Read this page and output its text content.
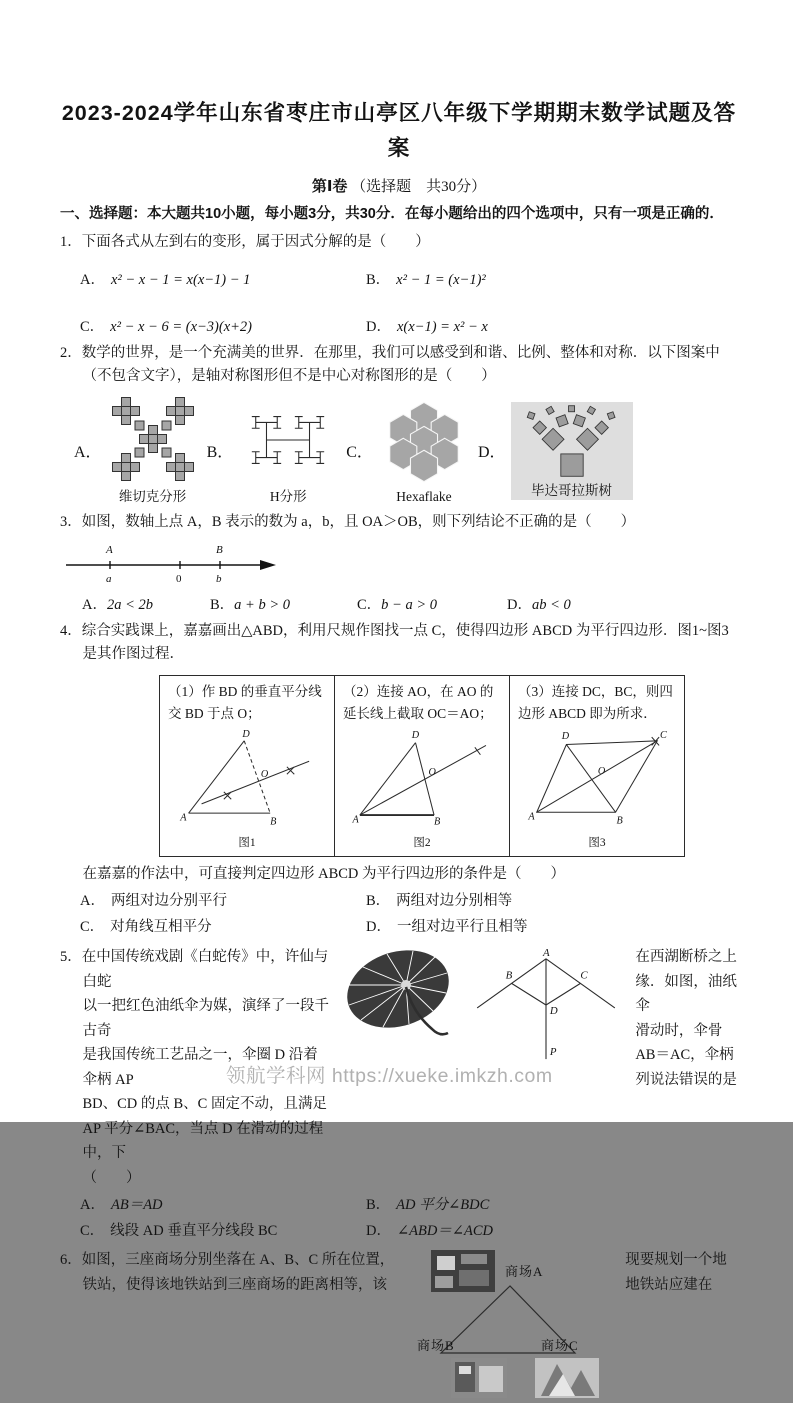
2023-2024学年山东省枣庄市山亭区八年级下学期期末数学试题及答案
第Ⅰ卷 （选择题　共30分）
一、选择题：本大题共10小题，每小题3分，共30分．在每小题给出的四个选项中，只有一项是正确的．
1．下面各式从左到右的变形，属于因式分解的是（　　）
A． x² − x − 1 = x(x−1) − 1	B． x² − 1 = (x−1)²
C． x² − x − 6 = (x−3)(x+2)	D． x(x−1) = x² − x
2．数学的世界，是一个充满美的世界．在那里，我们可以感受到和谐、比例、整体和对称．以下图案中（不包含文字），是轴对称图形但不是中心对称图形的是（　　）
A．
维切克分形
B．
H分形
C．
Hexaflake
D．
毕达哥拉斯树
3．如图，数轴上点 A，B 表示的数为 a，b，且 OA＞OB，则下列结论不正确的是（　　）
A	B
a	0	b
A．2a < 2b	B．a + b > 0	C．b − a > 0	D．ab < 0
4．综合实践课上，嘉嘉画出△ABD，利用尺规作图找一点 C，使得四边形 ABCD 为平行四边形．图1~图3 是其作图过程．
（1）作 BD 的垂直平分线交 BD 于点 O；
D
O
A	B
图1

（2）连接 AO，在 AO 的延长线上截取 OC＝AO；
D
O
A	B
图2

（3）连接 DC，BC，则四边形 ABCD 即为所求．
D	C
O
A	B
图3
在嘉嘉的作法中，可直接判定四边形 ABCD 为平行四边形的条件是（　　）
A． 两组对边分别平行	B． 两组对边分别相等
C． 对角线互相平分	D． 一组对边平行且相等
5．在中国传统戏剧《白蛇传》中，许仙与白蛇
以一把红色油纸伞为媒，演绎了一段千古奇
是我国传统工艺品之一，伞圈 D 沿着伞柄 AP
BD、CD 的点 B、C 固定不动，且满足
AP 平分∠BAC，当点 D 在滑动的过程中，下
（　　）
A
B	C
D
P
在西湖断桥之上
缘．如图，油纸伞
滑动时，伞骨
AB＝AC，伞柄
列说法错误的是
A． AB＝AD	B． AD 平分∠BDC
C． 线段 AD 垂直平分线段 BC	D． ∠ABD＝∠ACD
6．如图，三座商场分别坐落在 A、B、C 所在位置，
铁站，使得该地铁站到三座商场的距离相等，该
商场A
商场B	商场C
现要规划一个地
地铁站应建在
领航学科网 https://xueke.imkzh.com
